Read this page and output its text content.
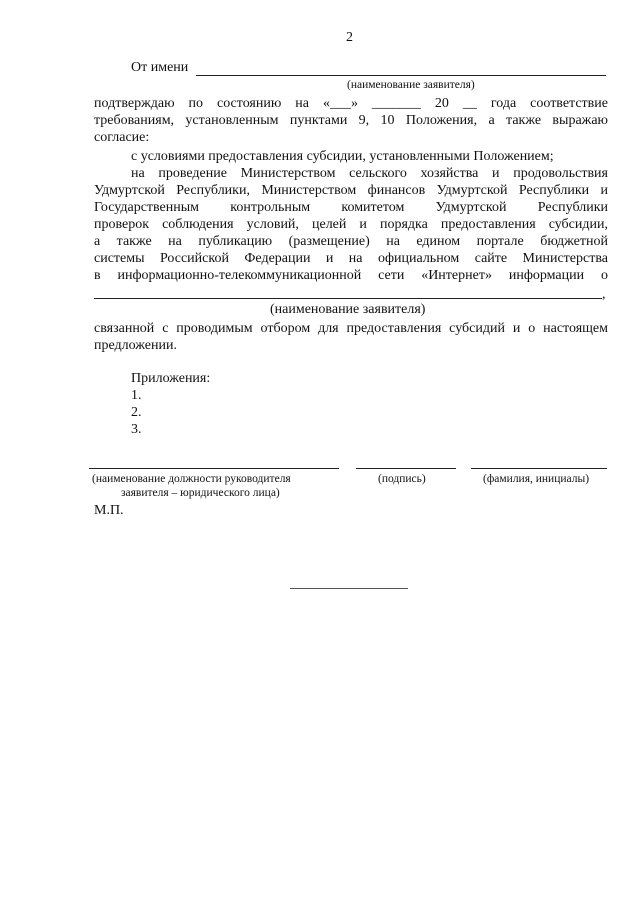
2
От имени
(наименование заявителя)
подтверждаю по состоянию на «___» _______ 20 __ года соответствие
требованиям, установленным пунктами 9, 10 Положения, а также выражаю
согласие:
с условиями предоставления субсидии, установленными Положением;
на проведение Министерством сельского хозяйства и продовольствия
Удмуртской Республики, Министерством финансов Удмуртской Республики и
Государственным контрольным комитетом Удмуртской Республики
проверок соблюдения условий, целей и порядка предоставления субсидии,
а также на публикацию (размещение) на едином портале бюджетной
системы Российской Федерации и на официальном сайте Министерства
в информационно-телекоммуникационной сети «Интернет» информации о
,
(наименование заявителя)
связанной с проводимым отбором для предоставления субсидий и о настоящем
предложении.
Приложения:
1.
2.
3.
(наименование должности руководителя
заявителя – юридического лица)
(подпись)	(фамилия, инициалы)
М.П.
